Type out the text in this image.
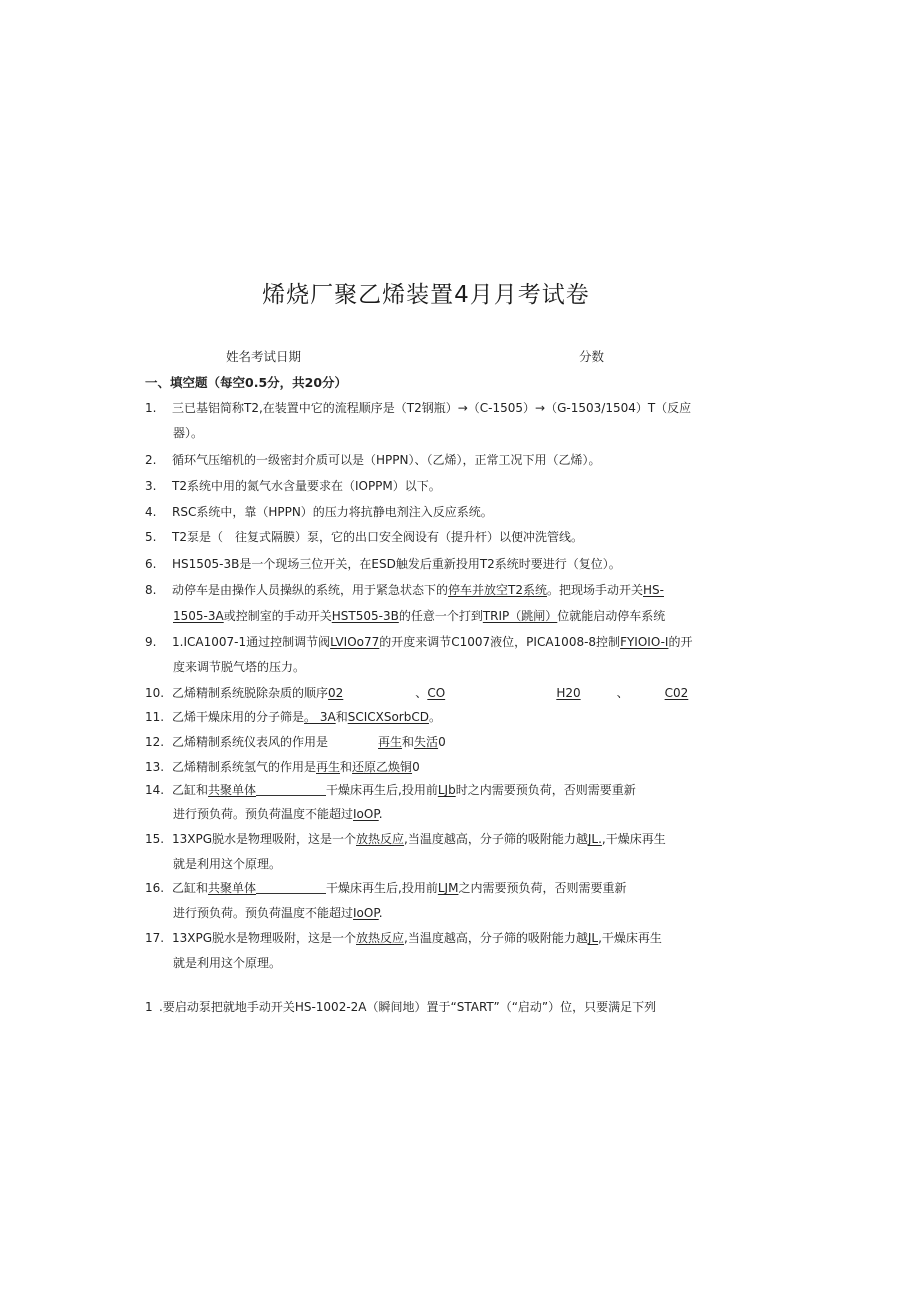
烯烧厂聚乙烯装置4月月考试卷
姓名考试日期	分数
一、填空题（每空0.5分，共20分）
1. 三已基铝简称T2,在装置中它的流程顺序是（T2钢瓶）→（C-1505）→（G-1503/1504）T（反应
器）。
2. 循环气压缩机的一级密封介质可以是（HPPN）、（乙烯），正常工况下用（乙烯）。
3. T2系统中用的氮气水含量要求在（IOPPM）以下。
4. RSC系统中，靠（HPPN）的压力将抗静电剂注入反应系统。
5. T2泵是（　往复式隔膜）泵，它的出口安全阀设有（提升杆）以便冲洗管线。
6. HS1505-3B是一个现场三位开关，在ESD触发后重新投用T2系统时要进行（复位）。
8. 动停车是由操作人员操纵的系统，用于紧急状态下的停车并放空T2系统。把现场手动开关HS-
1505-3A或控制室的手动开关HST505-3B的任意一个打到TRIP（跳闸）位就能启动停车系统
9. 1.ICA1007-1通过控制调节阀LVIOo77的开度来调节C1007液位，PICA1008-8控制FYIOIO-I的开
度来调节脱气塔的压力。
10. 乙烯精制系统脱除杂质的顺序02	、CO	H20	、	C02
11. 乙烯干燥床用的分子筛是。 3A和SCICXSorbCD。
12. 乙烯精制系统仪表风的作用是	再生和失活0
13. 乙烯精制系统氢气的作用是再生和还原乙焕铜0
14. 乙缸和共聚单体	干燥床再生后,投用前LJb时之内需要预负荷，否则需要重新
进行预负荷。预负荷温度不能超过IoOP.
15. 13XPG脱水是物理吸附，这是一个放热反应,当温度越高，分子筛的吸附能力越JL.,干燥床再生
就是利用这个原理。
16. 乙缸和共聚单体	干燥床再生后,投用前LJM之内需要预负荷，否则需要重新
进行预负荷。预负荷温度不能超过IoOP.
17. 13XPG脱水是物理吸附，这是一个放热反应,当温度越高，分子筛的吸附能力越JL,干燥床再生
就是利用这个原理。
1 .要启动泵把就地手动开关HS-1002-2A（瞬间地）置于“START”（“启动”）位，只要满足下列
